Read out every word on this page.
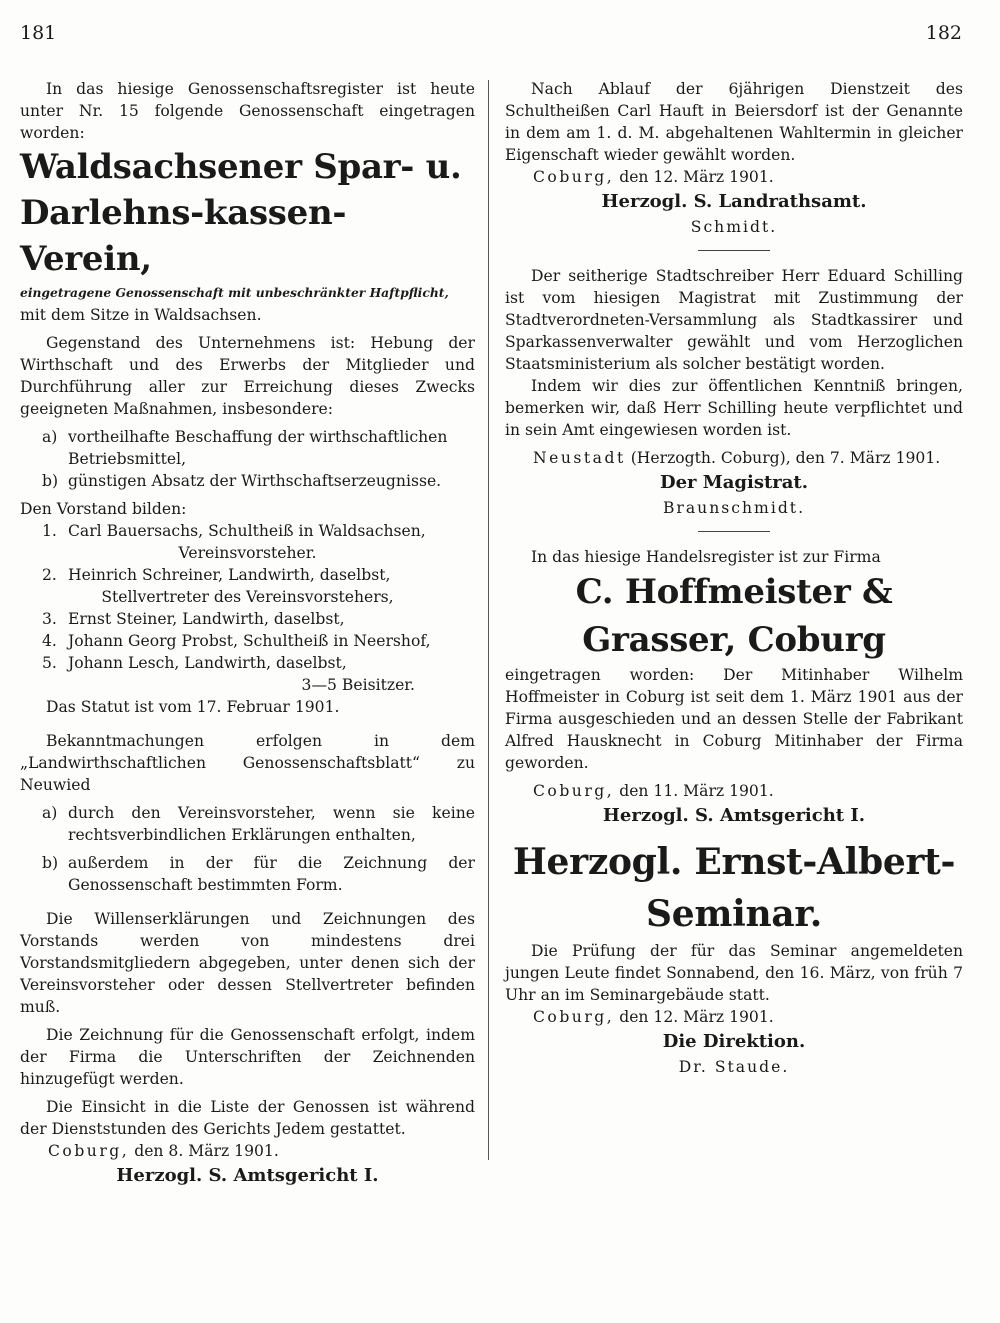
181	182

In das hiesige Genossenschaftsregister ist heute unter Nr. 15 folgende Genossenschaft eingetragen worden:

Waldsachsener Spar- u. Darlehns-kassen-Verein,
eingetragene Genossenschaft mit unbeschränkter Haftpflicht,

mit dem Sitze in Waldsachsen.

Gegenstand des Unternehmens ist: Hebung der Wirthschaft und des Erwerbs der Mitglieder und Durchführung aller zur Erreichung dieses Zwecks geeigneten Maßnahmen, insbesondere:

a) vortheilhafte Beschaffung der wirthschaftlichen Betriebsmittel,
b) günstigen Absatz der Wirthschaftserzeugnisse.

Den Vorstand bilden:

1. Carl Bauersachs, Schultheiß in Waldsachsen,

Vereinsvorsteher.

2. Heinrich Schreiner, Landwirth, daselbst,

Stellvertreter des Vereinsvorstehers,

3. Ernst Steiner, Landwirth, daselbst,
4. Johann Georg Probst, Schultheiß in Neershof,
5. Johann Lesch, Landwirth, daselbst,

3—5 Beisitzer.

Das Statut ist vom 17. Februar 1901.

Bekanntmachungen erfolgen in dem „Landwirthschaftlichen Genossenschaftsblatt“ zu Neuwied

a) durch den Vereinsvorsteher, wenn sie keine rechtsverbindlichen Erklärungen enthalten,
b) außerdem in der für die Zeichnung der Genossenschaft bestimmten Form.

Die Willenserklärungen und Zeichnungen des Vorstands werden von mindestens drei Vorstandsmitgliedern abgegeben, unter denen sich der Vereinsvorsteher oder dessen Stellvertreter befinden muß.

Die Zeichnung für die Genossenschaft erfolgt, indem der Firma die Unterschriften der Zeichnenden hinzugefügt werden.

Die Einsicht in die Liste der Genossen ist während der Dienststunden des Gerichts Jedem gestattet.

Coburg, den 8. März 1901.
Herzogl. S. Amtsgericht I.

Nach Ablauf der 6jährigen Dienstzeit des Schultheißen Carl Hauft in Beiersdorf ist der Genannte in dem am 1. d. M. abgehaltenen Wahltermin in gleicher Eigenschaft wieder gewählt worden.

Coburg, den 12. März 1901.
Herzogl. S. Landrathsamt.
Schmidt.

Der seitherige Stadtschreiber Herr Eduard Schilling ist vom hiesigen Magistrat mit Zustimmung der Stadtverordneten-Versammlung als Stadtkassirer und Sparkassenverwalter gewählt und vom Herzoglichen Staatsministerium als solcher bestätigt worden.

Indem wir dies zur öffentlichen Kenntniß bringen, bemerken wir, daß Herr Schilling heute verpflichtet und in sein Amt eingewiesen worden ist.

Neustadt (Herzogth. Coburg), den 7. März 1901.
Der Magistrat.
Braunschmidt.

In das hiesige Handelsregister ist zur Firma

C. Hoffmeister & Grasser, Coburg

eingetragen worden: Der Mitinhaber Wilhelm Hoffmeister in Coburg ist seit dem 1. März 1901 aus der Firma ausgeschieden und an dessen Stelle der Fabrikant Alfred Hausknecht in Coburg Mitinhaber der Firma geworden.

Coburg, den 11. März 1901.
Herzogl. S. Amtsgericht I.
Herzogl. Ernst-Albert-Seminar.

Die Prüfung der für das Seminar angemeldeten jungen Leute findet Sonnabend, den 16. März, von früh 7 Uhr an im Seminargebäude statt.

Coburg, den 12. März 1901.
Die Direktion.
Dr. Staude.
